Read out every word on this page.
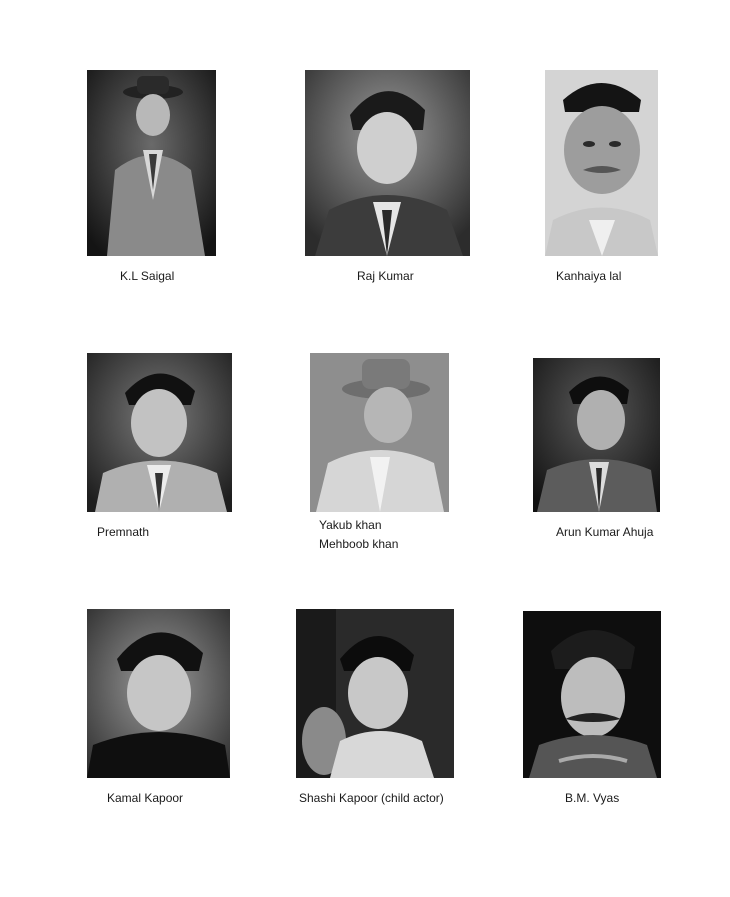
K.L Saigal	Raj Kumar	Kanhaiya lal
Premnath	Yakub khan
Mehboob khan
Arun Kumar Ahuja
Kamal Kapoor	Shashi Kapoor (child actor)	B.M. Vyas
